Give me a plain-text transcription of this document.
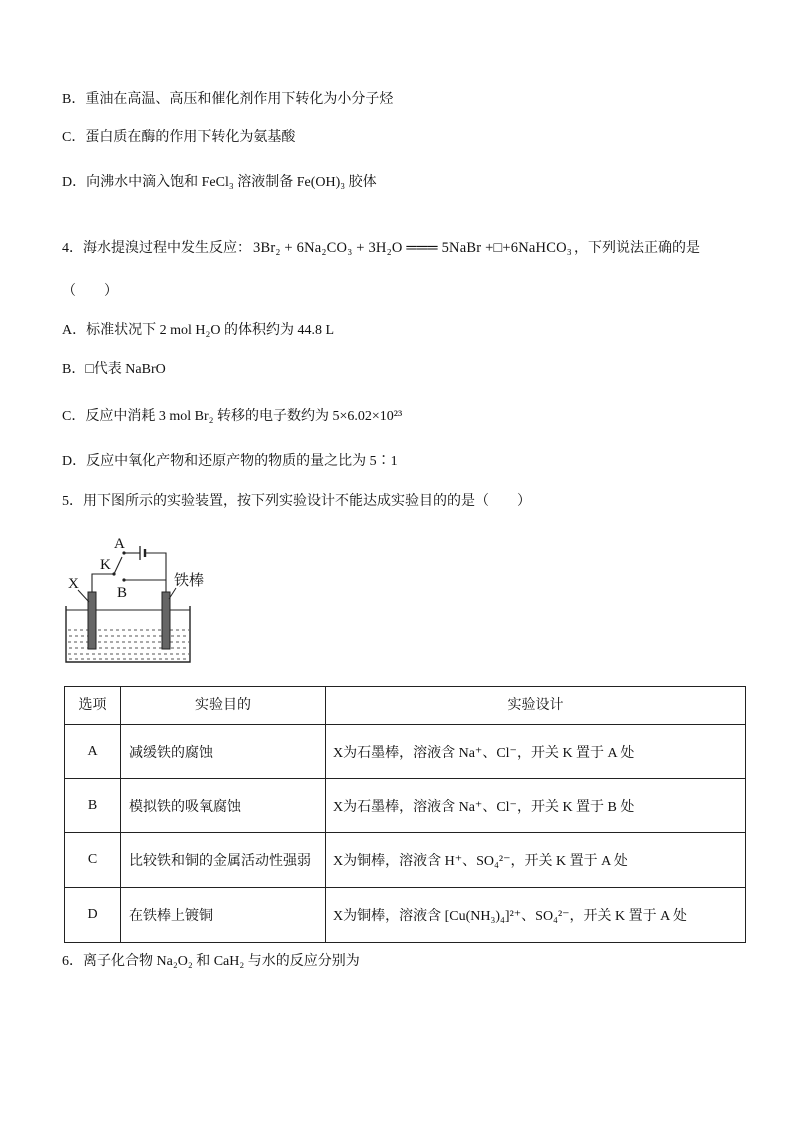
B．重油在高温、高压和催化剂作用下转化为小分子烃
C．蛋白质在酶的作用下转化为氨基酸
D．向沸水中滴入饱和 FeCl₃ 溶液制备 Fe(OH)₃ 胶体
4．海水提溴过程中发生反应： 3Br₂ + 6Na₂CO₃ + 3H₂O ═══ 5NaBr +□+6NaHCO₃ ，下列说法正确的是
（　　）
A．标准状况下 2 mol H₂O 的体积约为 44.8 L
B．□代表 NaBrO
C．反应中消耗 3 mol Br₂ 转移的电子数约为 5×6.02×10²³
D．反应中氧化产物和还原产物的物质的量之比为 5∶1
5．用下图所示的实验装置，按下列实验设计不能达成实验目的的是（　　）
A
K
B
X	铁棒
选项	实验目的	实验设计
A	减缓铁的腐蚀	X为石墨棒，溶液含 Na⁺、Cl⁻，开关 K 置于 A 处
B	模拟铁的吸氧腐蚀	X为石墨棒，溶液含 Na⁺、Cl⁻，开关 K 置于 B 处
C	比较铁和铜的金属活动性强弱	X为铜棒，溶液含 H⁺、SO₄²⁻，开关 K 置于 A 处
D	在铁棒上镀铜	X为铜棒，溶液含 [Cu(NH₃)₄]²⁺、SO₄²⁻，开关 K 置于 A 处
6．离子化合物 Na₂O₂ 和 CaH₂ 与水的反应分别为
